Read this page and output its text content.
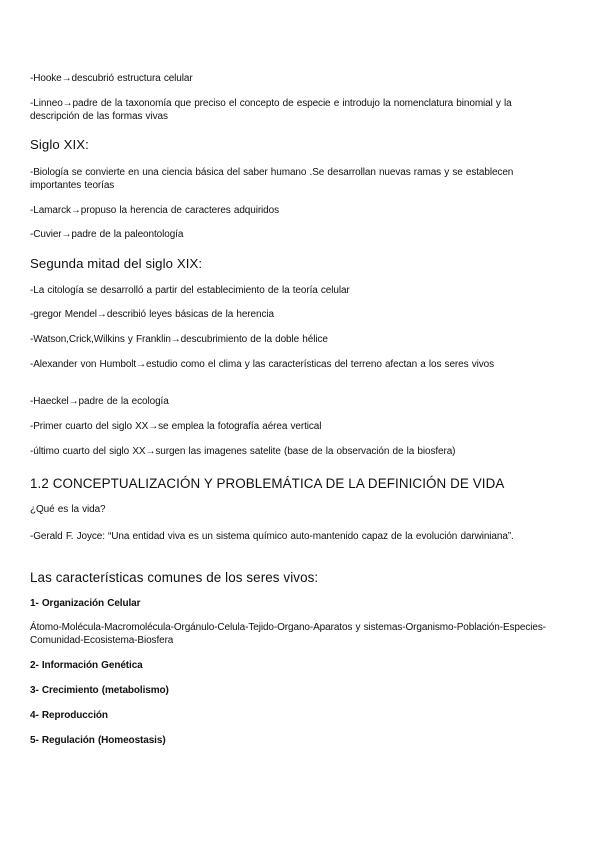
-Hooke→descubrió estructura celular

-Linneo→padre de la taxonomía que preciso el concepto de especie e introdujo la nomenclatura binomial y la descripción de las formas vivas

Siglo XIX:

-Biología se convierte en una ciencia básica del saber humano .Se desarrollan nuevas ramas y se establecen importantes teorías

-Lamarck→propuso la herencia de caracteres adquiridos

-Cuvier→padre de la paleontología

Segunda mitad del siglo XIX:

-La citología se desarrolló a partir del establecimiento de la teoría celular

-gregor Mendel→describió leyes básicas de la herencia

-Watson,Crick,Wilkins y Franklin→descubrimiento de la doble hélice

-Alexander von Humbolt→estudio como el clima y las características del terreno afectan a los seres vivos

-Haeckel→padre de la ecología

-Primer cuarto del siglo XX→se emplea la fotografía aérea vertical

-último cuarto del siglo XX→surgen las imagenes satelite (base de la observación de la biosfera)

1.2 CONCEPTUALIZACIÓN Y PROBLEMÁTICA DE LA DEFINICIÓN DE VIDA

¿Qué es la vida?

-Gerald F. Joyce: “Una entidad viva es un sistema químico auto-mantenido capaz de la evolución darwiniana”.

Las características comunes de los seres vivos:

1- Organización Celular

Átomo-Molécula-Macromolécula-Orgánulo-Celula-Tejido-Organo-Aparatos y sistemas-Organismo-Población-Especies-Comunidad-Ecosistema-Biosfera

2- Información Genética

3- Crecimiento (metabolismo)

4- Reproducción

5- Regulación (Homeostasis)
